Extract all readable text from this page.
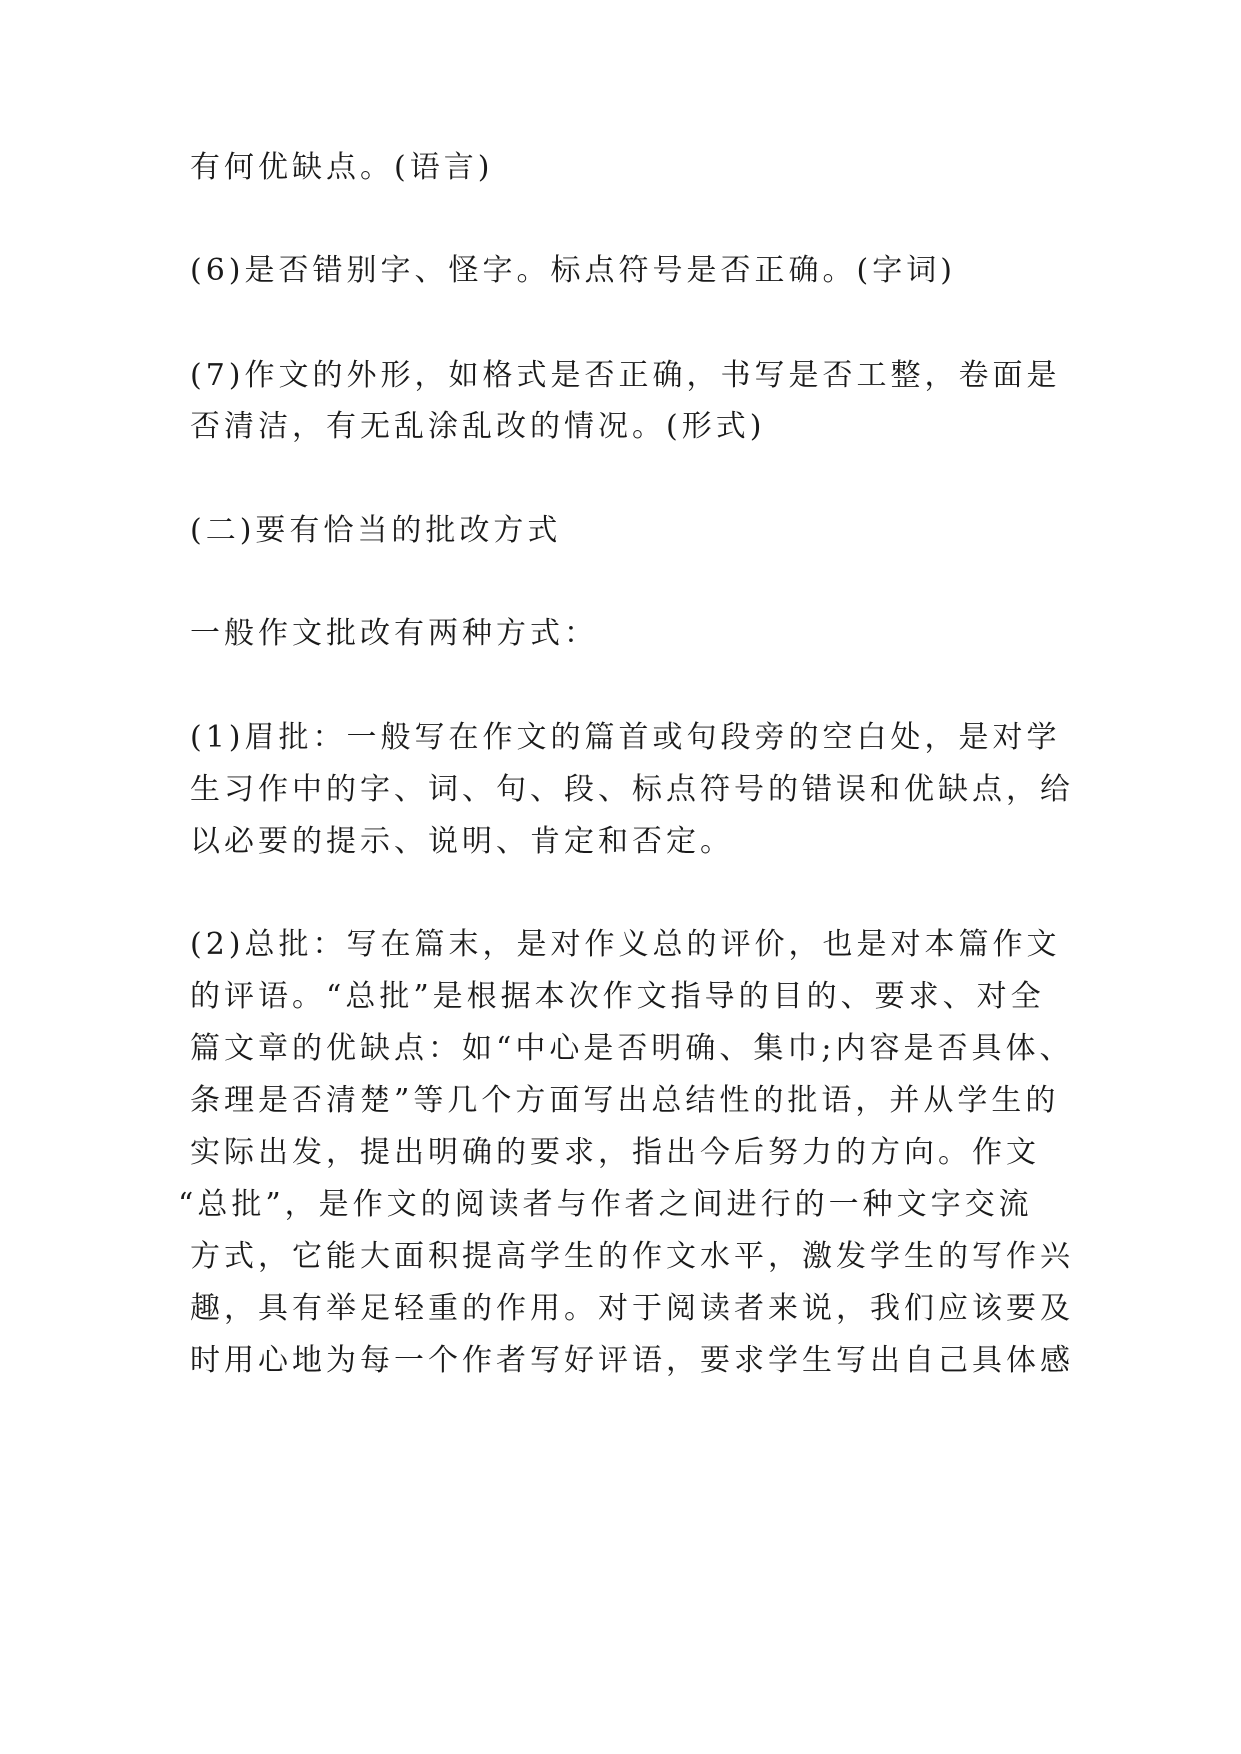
有何优缺点。(语言)
(6)是否错别字、怪字。标点符号是否正确。(字词)
(7)作文的外形，如格式是否正确，书写是否工整，卷面是
否清洁，有无乱涂乱改的情况。(形式)
(二)要有恰当的批改方式
一般作文批改有两种方式：
(1)眉批：一般写在作文的篇首或句段旁的空白处，是对学
生习作中的字、词、句、段、标点符号的错误和优缺点，给
以必要的提示、说明、肯定和否定。
(2)总批：写在篇末，是对作义总的评价，也是对本篇作文
的评语。“总批”是根据本次作文指导的目的、要求、对全
篇文章的优缺点：如“中心是否明确、集巾;内容是否具体、
条理是否清楚”等几个方面写出总结性的批语，并从学生的
实际出发，提出明确的要求，指出今后努力的方向。作文
“总批”，是作文的阅读者与作者之间进行的一种文字交流
方式，它能大面积提高学生的作文水平，激发学生的写作兴
趣，具有举足轻重的作用。对于阅读者来说，我们应该要及
时用心地为每一个作者写好评语，要求学生写出自己具体感
